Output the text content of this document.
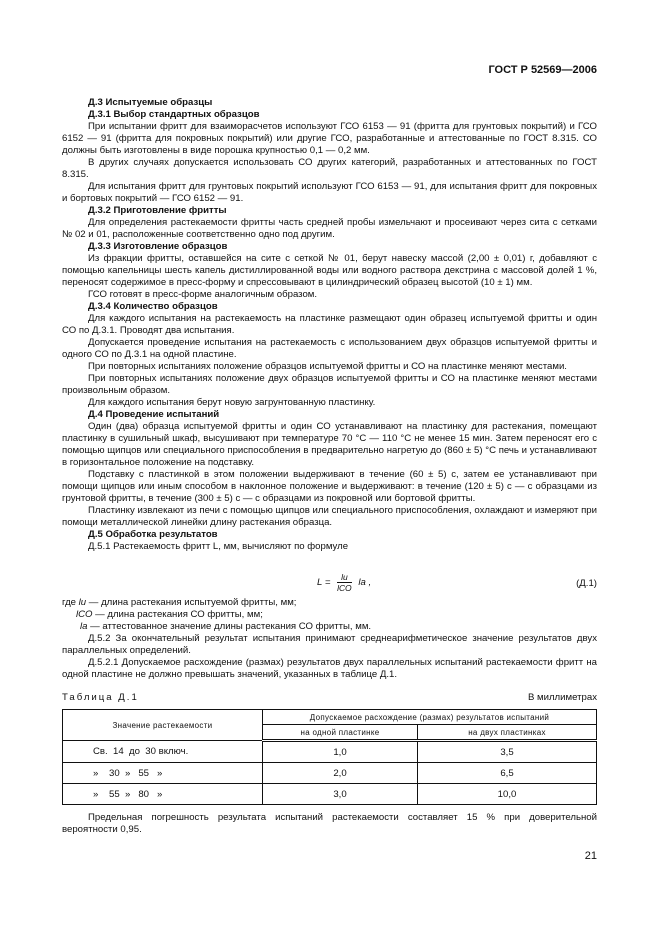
ГОСТ Р 52569—2006

Д.3 Испытуемые образцы

Д.3.1 Выбор стандартных образцов

При испытании фритт для взаиморасчетов используют ГСО 6153 — 91 (фритта для грунтовых покрытий) и ГСО 6152 — 91 (фритта для покровных покрытий) или другие ГСО, разработанные и аттестованные по ГОСТ 8.315. СО должны быть изготовлены в виде порошка крупностью 0,1 — 0,2 мм.

В других случаях допускается использовать СО других категорий, разработанных и аттестованных по ГОСТ 8.315.

Для испытания фритт для грунтовых покрытий используют ГСО 6153 — 91, для испытания фритт для покровных и бортовых покрытий — ГСО 6152 — 91.

Д.3.2 Приготовление фритты

Для определения растекаемости фритты часть средней пробы измельчают и просеивают через сита с сетками № 02 и 01, расположенные соответственно одно под другим.

Д.3.3 Изготовление образцов

Из фракции фритты, оставшейся на сите с сеткой № 01, берут навеску массой (2,00 ± 0,01) г, добавляют с помощью капельницы шесть капель дистиллированной воды или водного раствора декстрина с массовой долей 1 %, переносят содержимое в пресс-форму и спрессовывают в цилиндрический образец высотой (10 ± 1) мм.

ГСО готовят в пресс-форме аналогичным образом.

Д.3.4 Количество образцов

Для каждого испытания на растекаемость на пластинке размещают один образец испытуемой фритты и один СО по Д.3.1. Проводят два испытания.

Допускается проведение испытания на растекаемость с использованием двух образцов испытуемой фритты и одного СО по Д.3.1 на одной пластине.

При повторных испытаниях положение образцов испытуемой фритты и СО на пластинке меняют местами.

При повторных испытаниях положение двух образцов испытуемой фритты и СО на пластинке меняют местами произвольным образом.

Для каждого испытания берут новую загрунтованную пластинку.

Д.4 Проведение испытаний

Один (два) образца испытуемой фритты и один СО устанавливают на пластинку для растекания, помещают пластинку в сушильный шкаф, высушивают при температуре 70 °С — 110 °С не менее 15 мин. Затем переносят его с помощью щипцов или специального приспособления в предварительно нагретую до (860 ± 5) °С печь и устанавливают в горизонтальное положение на подставку.

Подставку с пластинкой в этом положении выдерживают в течение (60 ± 5) с, затем ее устанавливают при помощи щипцов или иным способом в наклонное положение и выдерживают: в течение (120 ± 5) с — с образцами из грунтовой фритты, в течение (300 ± 5) с — с образцами из покровной или бортовой фритты.

Пластинку извлекают из печи с помощью щипцов или специального приспособления, охлаждают и измеряют при помощи металлической линейки длину растекания образца.

Д.5 Обработка результатов

Д.5.1 Растекаемость фритт L, мм, вычисляют по формуле

$L = \frac{lи}{\text{lСО}}$ lа ,	(Д.1)
где lи — длина растекания испытуемой фритты, мм;
lСО — длина растекания СО фритты, мм;
lа — аттестованное значение длины растекания СО фритты, мм.

Д.5.2 За окончательный результат испытания принимают среднеарифметическое значение результатов двух параллельных определений.

Д.5.2.1 Допускаемое расхождение (размах) результатов двух параллельных испытаний растекаемости фритт на одной пластине не должно превышать значений, указанных в таблице Д.1.

Таблица Д.1	В миллиметрах
Значение растекаемости	Допускаемое расхождение (размах) результатов испытаний	
	на одной пластинке	на двух пластинках
Св.  14  до  30 включ.	1,0	3,5
»    30  »   55   »	2,0	6,5
»    55  »   80   »	3,0	10,0

Предельная погрешность результата испытаний растекаемости составляет 15 % при доверительной вероятности 0,95.

21
